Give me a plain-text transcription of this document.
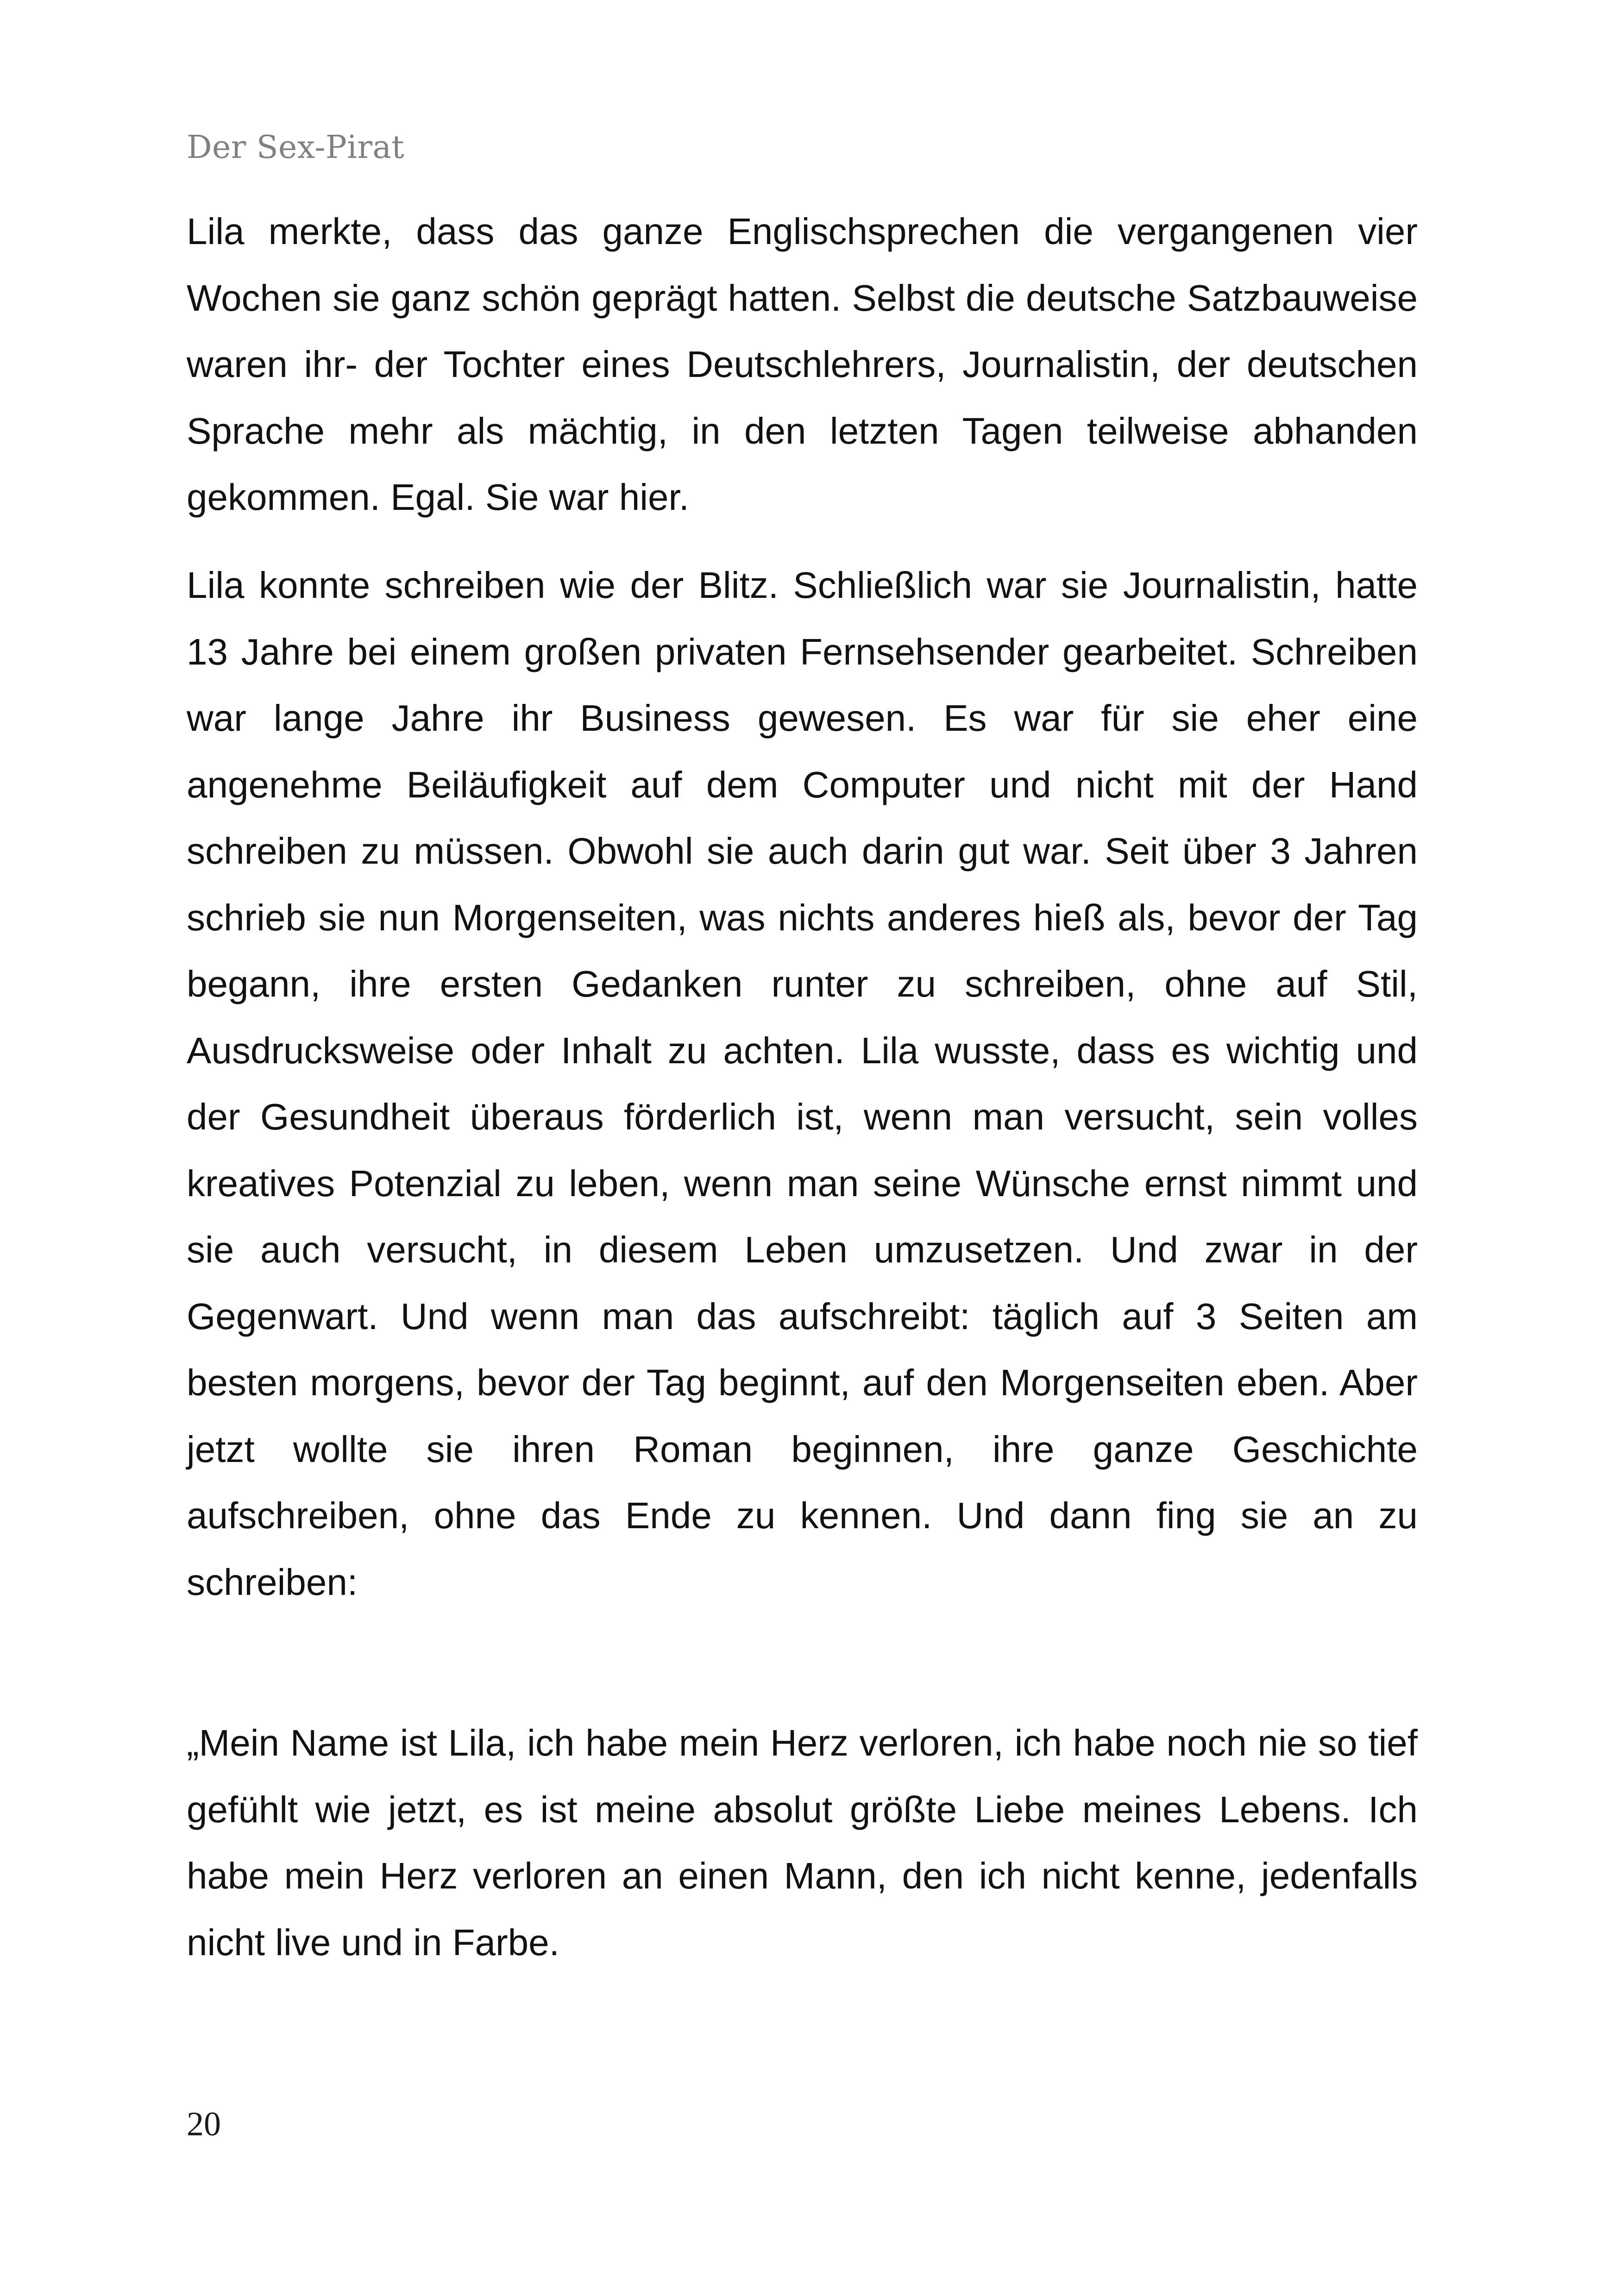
Der Sex-Pirat

Lila merkte, dass das ganze Englischsprechen die vergangenen vier Wochen sie ganz schön geprägt hatten. Selbst die deutsche Satzbauweise waren ihr- der Tochter eines Deutschlehrers, Journalistin, der deutschen Sprache mehr als mächtig, in den letzten Tagen teilweise abhanden gekommen. Egal. Sie war hier.

Lila konnte schreiben wie der Blitz. Schließlich war sie Journalistin, hatte 13 Jahre bei einem großen privaten Fernsehsender gearbeitet. Schreiben war lange Jahre ihr Business gewesen. Es war für sie eher eine angenehme Beiläufigkeit auf dem Computer und nicht mit der Hand schreiben zu müssen. Obwohl sie auch darin gut war. Seit über 3 Jahren schrieb sie nun Morgenseiten, was nichts anderes hieß als, bevor der Tag begann, ihre ersten Gedanken runter zu schreiben, ohne auf Stil, Ausdrucksweise oder Inhalt zu achten. Lila wusste, dass es wichtig und der Gesundheit überaus förderlich ist, wenn man versucht, sein volles kreatives Potenzial zu leben, wenn man seine Wünsche ernst nimmt und sie auch versucht, in diesem Leben umzusetzen. Und zwar in der Gegenwart. Und wenn man das aufschreibt: täglich auf 3 Seiten am besten morgens, bevor der Tag beginnt, auf den Morgenseiten eben. Aber jetzt wollte sie ihren Roman beginnen, ihre ganze Geschichte aufschreiben, ohne das Ende zu kennen. Und dann fing sie an zu schreiben:

„Mein Name ist Lila, ich habe mein Herz verloren, ich habe noch nie so tief gefühlt wie jetzt, es ist meine absolut größte Liebe meines Lebens. Ich habe mein Herz verloren an einen Mann, den ich nicht kenne, jedenfalls nicht live und in Farbe.

20
